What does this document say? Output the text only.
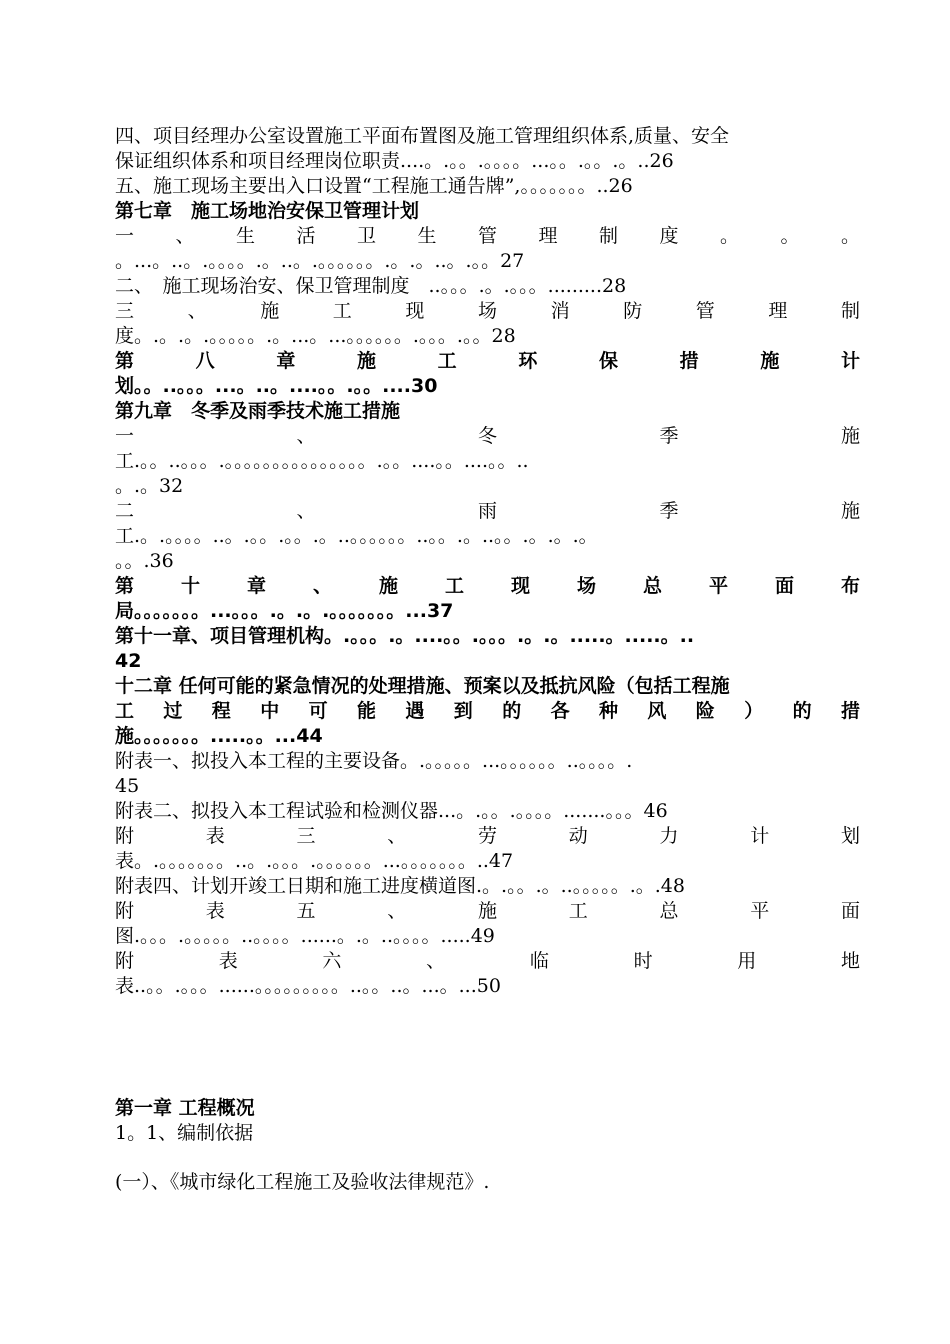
四、项目经理办公室设置施工平面布置图及施工管理组织体系,质量、安全
保证组织体系和项目经理岗位职责....。.。。.。。。。...。。.。。.。..26
五、施工现场主要出入口设置“工程施工通告牌”,。。。。。。。..26
第七章　施工场地治安保卫管理计划
一 、 生 活 卫 生 管 理 制 度 。 。 。
。...。..。.。。。。.。..。.。。。。。。.。.。..。.。。27
二、　施工现场治安、保卫管理制度　..。。。.。.。。。.........28
三 、 施 工 现 场 消 防 管 理 制
度。.。.。.。。。。。.。...。...。。。。。。.。。。.。。28
第 八 章 施 工 环 保 措 施 计
划。。..。。。...。..。....。。.。。....30
第九章　冬季及雨季技术施工措施
一 、 冬 季 施
工.。。..。。。.。。。。。。。。。。。。。。。.。。....。。....。。..
。.。32
二 、 雨 季 施
工.。.。。。。..。.。。.。。.。..。。。。。。..。。.。..。。.。.。.。
。。.36
第 十 章 、 施 工 现 场 总 平 面 布
局。。。。。。。...。。。.。.。.。。。。。。。...37
第十一章、项目管理机构。.。。。.。....。。.。。。.。.。.....。.....。..
42
十二章 任何可能的紧急情况的处理措施、预案以及抵抗风险（包括工程施
工 过 程 中 可 能 遇 到 的 各 种 风 险 ） 的 措
施。。。。。。。.....。。...44
附表一、拟投入本工程的主要设备。.。。。。。...。。。。。。..。。。。.
45
附表二、拟投入本工程试验和检测仪器...。.。。.。。。。.......。。。46
附 表 三 、 劳 动 力 计 划
表。.。。。。。。。..。.。。。.。。。。。。...。。。。。。。..47
附表四、计划开竣工日期和施工进度横道图.。.。。.。..。。。。。.。.48
附 表 五 、 施 工 总 平 面
图.。。。.。。。。。..。。。。......。.。..。。。。.....49
附 表 六 、 临 时 用 地
表..。。.。。。......。。。。。。。。。..。。..。...。...50
第一章 工程概况
1。1、编制依据
(一）、《城市绿化工程施工及验收法律规范》.
